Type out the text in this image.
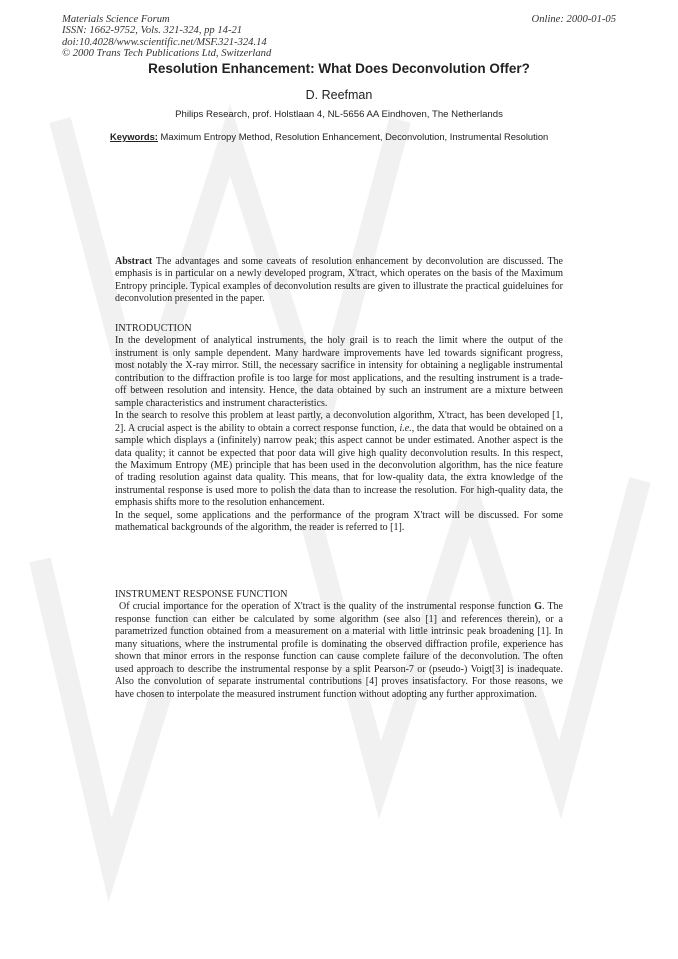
Materials Science Forum
ISSN: 1662-9752, Vols. 321-324, pp 14-21
doi:10.4028/www.scientific.net/MSF.321-324.14
© 2000 Trans Tech Publications Ltd, Switzerland
Online: 2000-01-05
Resolution Enhancement: What Does Deconvolution Offer?
D. Reefman
Philips Research, prof. Holstlaan 4, NL-5656 AA Eindhoven, The Netherlands
Keywords: Maximum Entropy Method, Resolution Enhancement, Deconvolution, Instrumental Resolution

Abstract The advantages and some caveats of resolution enhancement by deconvolution are discussed. The emphasis is in particular on a newly developed program, X'tract, which operates on the basis of the Maximum Entropy principle. Typical examples of deconvolution results are given to illustrate the practical guideluines for deconvolution presented in the paper.

INTRODUCTION

In the development of analytical instruments, the holy grail is to reach the limit where the output of the instrument is only sample dependent. Many hardware improvements have led towards significant progress, most notably the X-ray mirror. Still, the necessary sacrifice in intensity for obtaining a negligable instrumental contribution to the diffraction profile is too large for most applications, and the resulting instrument is a trade-off between resolution and intensity. Hence, the data obtained by such an instrument are a mixture between sample characteristics and instrument characteristics.

In the search to resolve this problem at least partly, a deconvolution algorithm, X'tract, has been developed [1, 2]. A crucial aspect is the ability to obtain a correct response function, i.e., the data that would be obtained on a sample which displays a (infinitely) narrow peak; this aspect cannot be under estimated. Another aspect is the data quality; it cannot be expected that poor data will give high quality deconvolution results. In this respect, the Maximum Entropy (ME) principle that has been used in the deconvolution algorithm, has the nice feature of trading resolution against data quality. This means, that for low-quality data, the extra knowledge of the instrumental response is used more to polish the data than to increase the resolution. For high-quality data, the emphasis shifts more to the resolution enhancement.

In the sequel, some applications and the performance of the program X'tract will be discussed. For some mathematical backgrounds of the algorithm, the reader is referred to [1].

INSTRUMENT RESPONSE FUNCTION

Of crucial importance for the operation of X'tract is the quality of the instrumental response function G. The response function can either be calculated by some algorithm (see also [1] and references therein), or a parametrized function obtained from a measurement on a material with little intrinsic peak broadening [1]. In many situations, where the instrumental profile is dominating the observed diffraction profile, experience has shown that minor errors in the response function can cause complete failure of the deconvolution. The often used approach to describe the instrumental response by a split Pearson-7 or (pseudo-) Voigt[3] is inadequate. Also the convolution of separate instrumental contributions [4] proves insatisfactory. For those reasons, we have chosen to interpolate the measured instrument function without adopting any further approximation.
